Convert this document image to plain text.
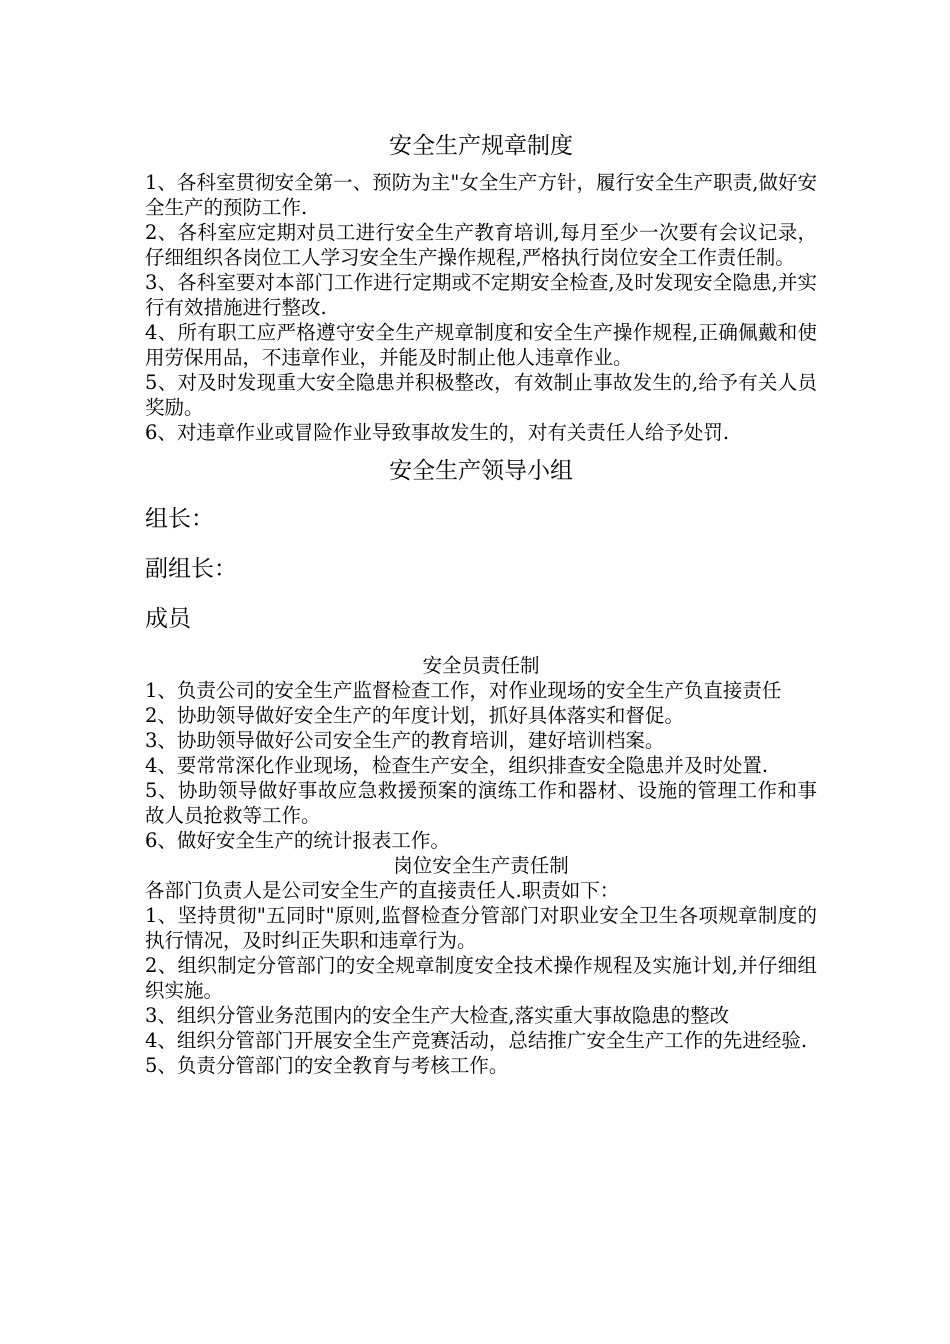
安全生产规章制度

1、各科室贯彻安全第一、预防为主"女全生产方针，履行安全生产职责,做好安全生产的预防工作.

2、各科室应定期对员工进行安全生产教育培训,每月至少一次要有会议记录，仔细组织各岗位工人学习安全生产操作规程,严格执行岗位安全工作责任制。

3、各科室要对本部门工作进行定期或不定期安全检查,及时发现安全隐患,并实行有效措施进行整改.

4、所有职工应严格遵守安全生产规章制度和安全生产操作规程,正确佩戴和使用劳保用品，不违章作业，并能及时制止他人违章作业。

5、对及时发现重大安全隐患并积极整改，有效制止事故发生的,给予有关人员奖励。

6、对违章作业或冒险作业导致事故发生的，对有关责任人给予处罚.

安全生产领导小组
组长：
副组长：
成员
安全员责任制

1、负责公司的安全生产监督检查工作，对作业现场的安全生产负直接责任

2、协助领导做好安全生产的年度计划，抓好具体落实和督促。

3、协助领导做好公司安全生产的教育培训，建好培训档案。

4、要常常深化作业现场，检查生产安全，组织排查安全隐患并及时处置.

5、协助领导做好事故应急救援预案的演练工作和器材、设施的管理工作和事故人员抢救等工作。

6、做好安全生产的统计报表工作。

岗位安全生产责任制

各部门负责人是公司安全生产的直接责任人.职责如下：

1、坚持贯彻"五同时"原则,监督检查分管部门对职业安全卫生各项规章制度的执行情况，及时纠正失职和违章行为。

2、组织制定分管部门的安全规章制度安全技术操作规程及实施计划,并仔细组织实施。

3、组织分管业务范围内的安全生产大检查,落实重大事故隐患的整改

4、组织分管部门开展安全生产竞赛活动，总结推广安全生产工作的先进经验.

5、负责分管部门的安全教育与考核工作。
